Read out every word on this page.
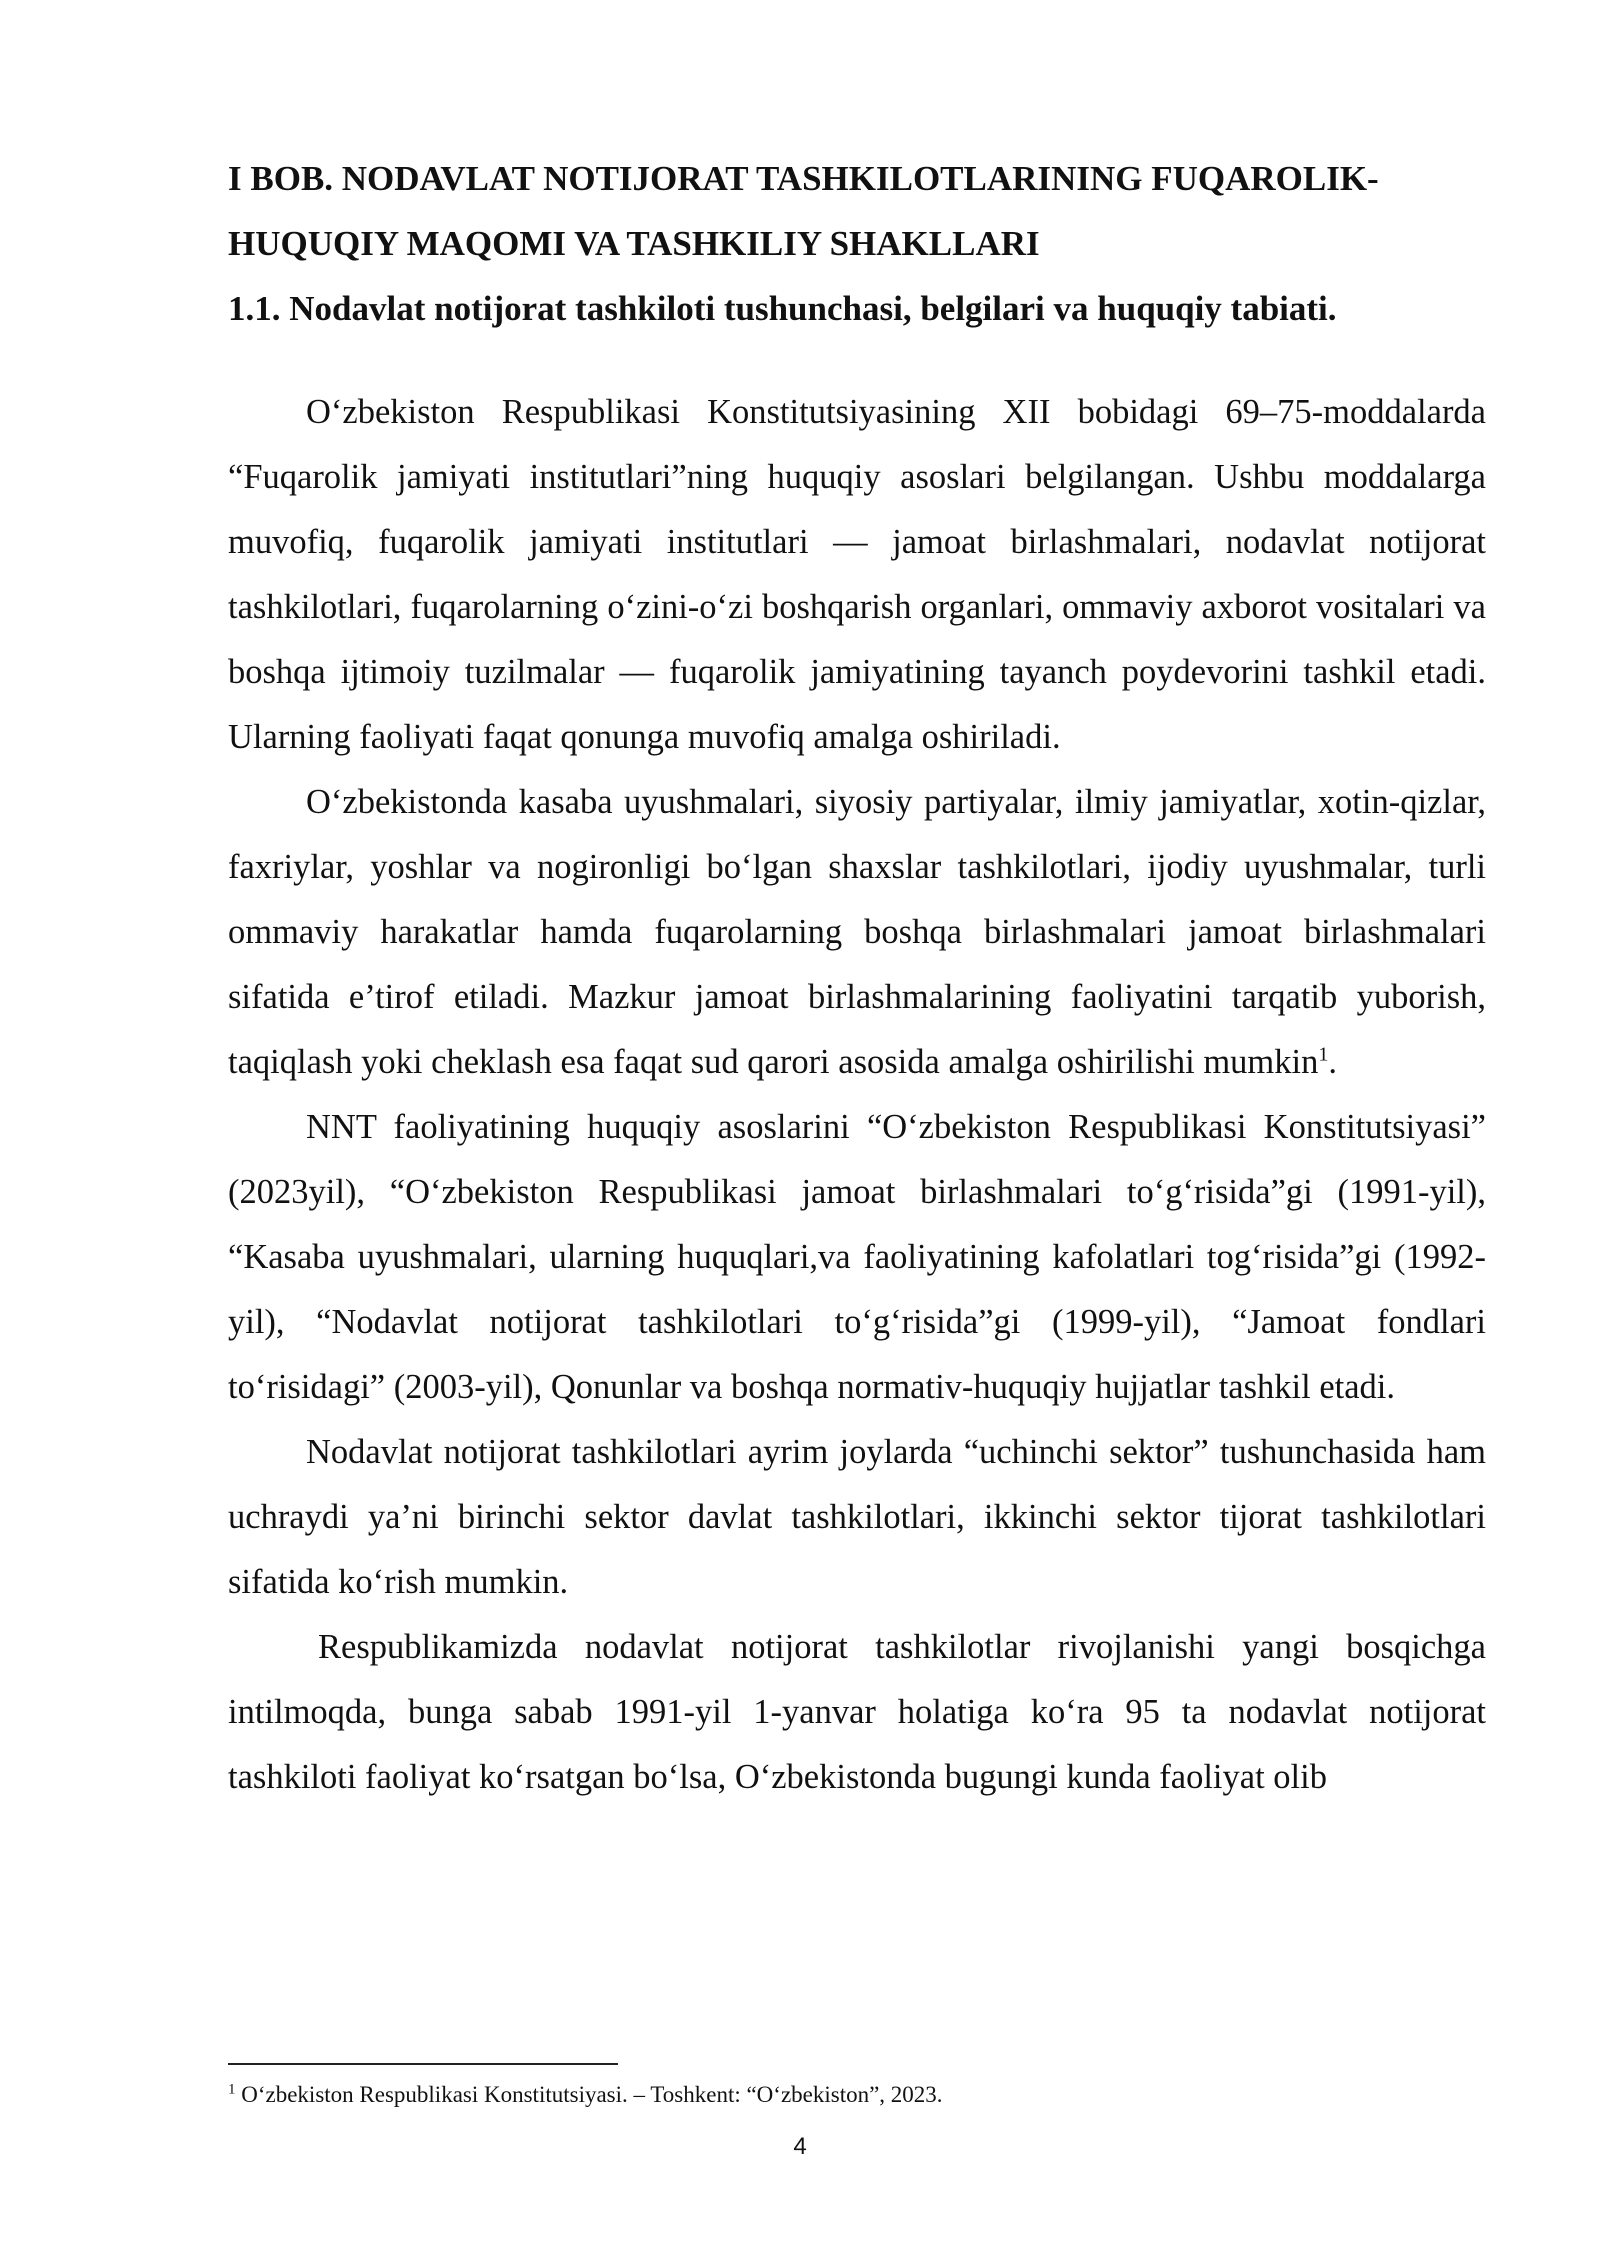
I BOB. NODAVLAT NOTIJORAT TASHKILOTLARINING FUQAROLIK-HUQUQIY MAQOMI VA TASHKILIY SHAKLLARI
1.1. Nodavlat notijorat tashkiloti tushunchasi, belgilari va huquqiy tabiati.

O‘zbekiston Respublikasi Konstitutsiyasining XII bobidagi 69–75-moddalarda “Fuqarolik jamiyati institutlari”ning huquqiy asoslari belgilangan. Ushbu moddalarga muvofiq, fuqarolik jamiyati institutlari — jamoat birlashmalari, nodavlat notijorat tashkilotlari, fuqarolarning o‘zini-o‘zi boshqarish organlari, ommaviy axborot vositalari va boshqa ijtimoiy tuzilmalar — fuqarolik jamiyatining tayanch poydevorini tashkil etadi. Ularning faoliyati faqat qonunga muvofiq amalga oshiriladi.

O‘zbekistonda kasaba uyushmalari, siyosiy partiyalar, ilmiy jamiyatlar, xotin-qizlar, faxriylar, yoshlar va nogironligi bo‘lgan shaxslar tashkilotlari, ijodiy uyushmalar, turli ommaviy harakatlar hamda fuqarolarning boshqa birlashmalari jamoat birlashmalari sifatida e’tirof etiladi. Mazkur jamoat birlashmalarining faoliyatini tarqatib yuborish, taqiqlash yoki cheklash esa faqat sud qarori asosida amalga oshirilishi mumkin$^1$.

NNT faoliyatining huquqiy asoslarini “O‘zbekiston Respublikasi Konstitutsiyasi” (2023yil), “O‘zbekiston Respublikasi jamoat birlashmalari to‘g‘risida”gi (1991-yil), “Kasaba uyushmalari, ularning huquqlari,va faoliyatining kafolatlari tog‘risida”gi (1992-yil), “Nodavlat notijorat tashkilotlari to‘g‘risida”gi (1999-yil), “Jamoat fondlari to‘risidagi” (2003-yil), Qonunlar va boshqa normativ-huquqiy hujjatlar tashkil etadi.

Nodavlat notijorat tashkilotlari ayrim joylarda “uchinchi sektor” tushunchasida ham uchraydi ya’ni birinchi sektor davlat tashkilotlari, ikkinchi sektor tijorat tashkilotlari sifatida ko‘rish mumkin.

Respublikamizda nodavlat notijorat tashkilotlar rivojlanishi yangi bosqichga intilmoqda, bunga sabab 1991-yil 1-yanvar holatiga ko‘ra 95 ta nodavlat notijorat tashkiloti faoliyat ko‘rsatgan bo‘lsa, O‘zbekistonda bugungi kunda faoliyat olib

$^1$ O‘zbekiston Respublikasi Konstitutsiyasi. – Toshkent: “O‘zbekiston”, 2023.
4
